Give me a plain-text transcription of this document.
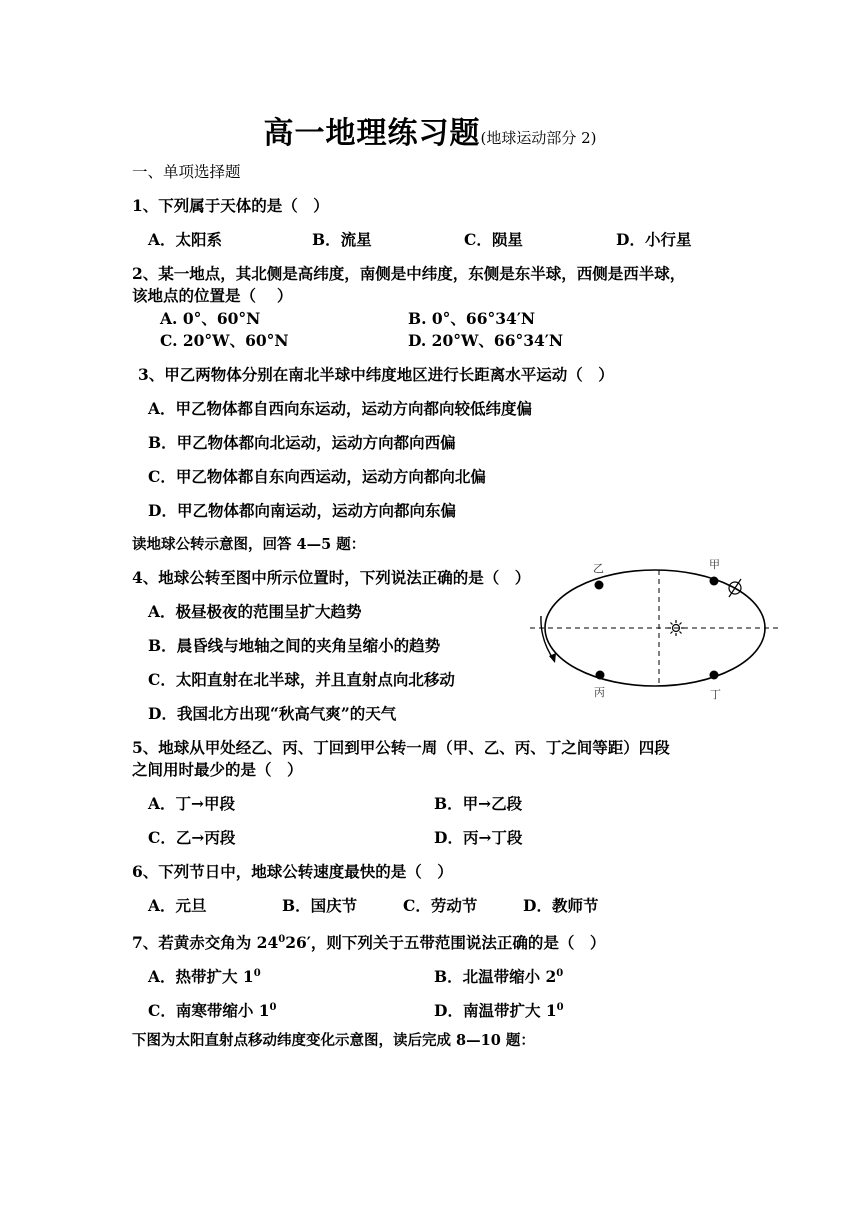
高一地理练习题(地球运动部分 2)
一、单项选择题
1、下列属于天体的是（　）
A．太阳系	B．流星	C．陨星	D．小行星
2、某一地点，其北侧是高纬度，南侧是中纬度，东侧是东半球，西侧是西半球，
该地点的位置是（　 ）
A. 0°、60°N	B. 0°、66°34′N
C. 20°W、60°N	D. 20°W、66°34′N
3、甲乙两物体分别在南北半球中纬度地区进行长距离水平运动（　）
A．甲乙物体都自西向东运动，运动方向都向较低纬度偏
B．甲乙物体都向北运动，运动方向都向西偏
C．甲乙物体都自东向西运动，运动方向都向北偏
D．甲乙物体都向南运动，运动方向都向东偏
读地球公转示意图，回答 4—5 题：
4、地球公转至图中所示位置时，下列说法正确的是（　）
A．极昼极夜的范围呈扩大趋势
B．晨昏线与地轴之间的夹角呈缩小的趋势
C．太阳直射在北半球，并且直射点向北移动
D．我国北方出现“秋高气爽”的天气
乙	甲
丙	丁
5、地球从甲处经乙、丙、丁回到甲公转一周（甲、乙、丙、丁之间等距）四段
之间用时最少的是（　）
A．丁→甲段	B．甲→乙段
C．乙→丙段	D．丙→丁段
6、下列节日中，地球公转速度最快的是（　）
A．元旦	B．国庆节	C．劳动节	D．教师节
7、若黄赤交角为 $24^026'$，则下列关于五带范围说法正确的是（　）
A．热带扩大 $1^0$	B．北温带缩小 $2^0$
C．南寒带缩小 $1^0$	D．南温带扩大 $1^0$
下图为太阳直射点移动纬度变化示意图，读后完成 8—10 题：
